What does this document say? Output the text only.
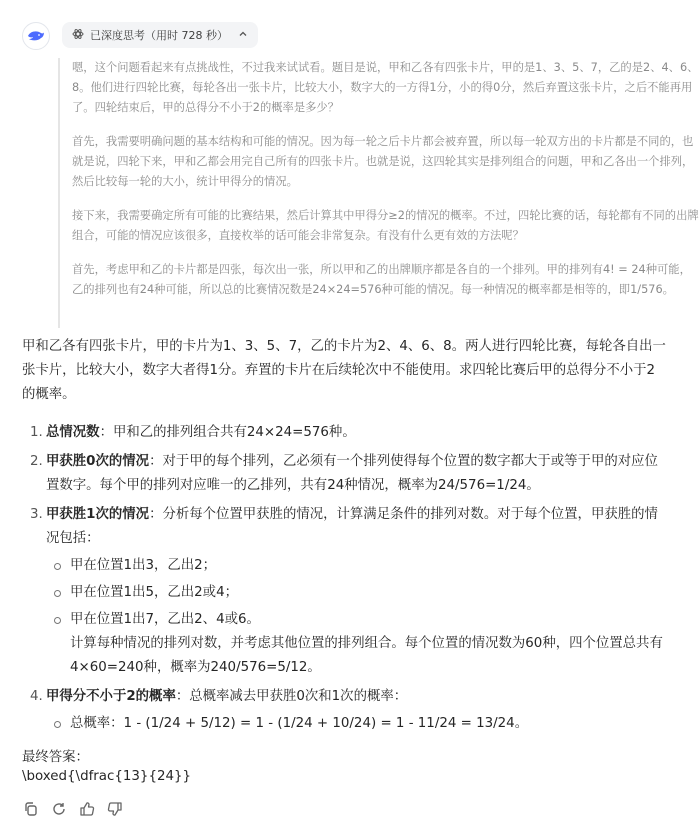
已深度思考（用时 728 秒）

嗯，这个问题看起来有点挑战性，不过我来试试看。题目是说，甲和乙各有四张卡片，甲的是1、3、5、7，乙的是2、4、6、8。他们进行四轮比赛，每轮各出一张卡片，比较大小，数字大的一方得1分，小的得0分，然后弃置这张卡片，之后不能再用了。四轮结束后，甲的总得分不小于2的概率是多少？

首先，我需要明确问题的基本结构和可能的情况。因为每一轮之后卡片都会被弃置，所以每一轮双方出的卡片都是不同的，也就是说，四轮下来，甲和乙都会用完自己所有的四张卡片。也就是说，这四轮其实是排列组合的问题，甲和乙各出一个排列，然后比较每一轮的大小，统计甲得分的情况。

接下来，我需要确定所有可能的比赛结果，然后计算其中甲得分≥2的情况的概率。不过，四轮比赛的话，每轮都有不同的出牌组合，可能的情况应该很多，直接枚举的话可能会非常复杂。有没有什么更有效的方法呢？

首先，考虑甲和乙的卡片都是四张，每次出一张，所以甲和乙的出牌顺序都是各自的一个排列。甲的排列有4! = 24种可能，乙的排列也有24种可能，所以总的比赛情况数是24×24=576种可能的情况。每一种情况的概率都是相等的，即1/576。

甲和乙各有四张卡片，甲的卡片为1、3、5、7，乙的卡片为2、4、6、8。两人进行四轮比赛，每轮各自出一张卡片，比较大小，数字大者得1分。弃置的卡片在后续轮次中不能使用。求四轮比赛后甲的总得分不小于2的概率。

1. 总情况数：甲和乙的排列组合共有24×24=576种。
2. 甲获胜0次的情况：对于甲的每个排列，乙必须有一个排列使得每个位置的数字都大于或等于甲的对应位置数字。每个甲的排列对应唯一的乙排列，共有24种情况，概率为24/576=1/24。
3. 甲获胜1次的情况：分析每个位置甲获胜的情况，计算满足条件的排列对数。对于每个位置，甲获胜的情况包括：
甲在位置1出3，乙出2；
甲在位置1出5，乙出2或4；
甲在位置1出7，乙出2、4或6。
计算每种情况的排列对数，并考虑其他位置的排列组合。每个位置的情况数为60种，四个位置总共有4×60=240种，概率为240/576=5/12。
4. 甲得分不小于2的概率：总概率减去甲获胜0次和1次的概率：
总概率：1 - (1/24 + 5/12) = 1 - (1/24 + 10/24) = 1 - 11/24 = 13/24。
最终答案：
\boxed{\dfrac{13}{24}}
